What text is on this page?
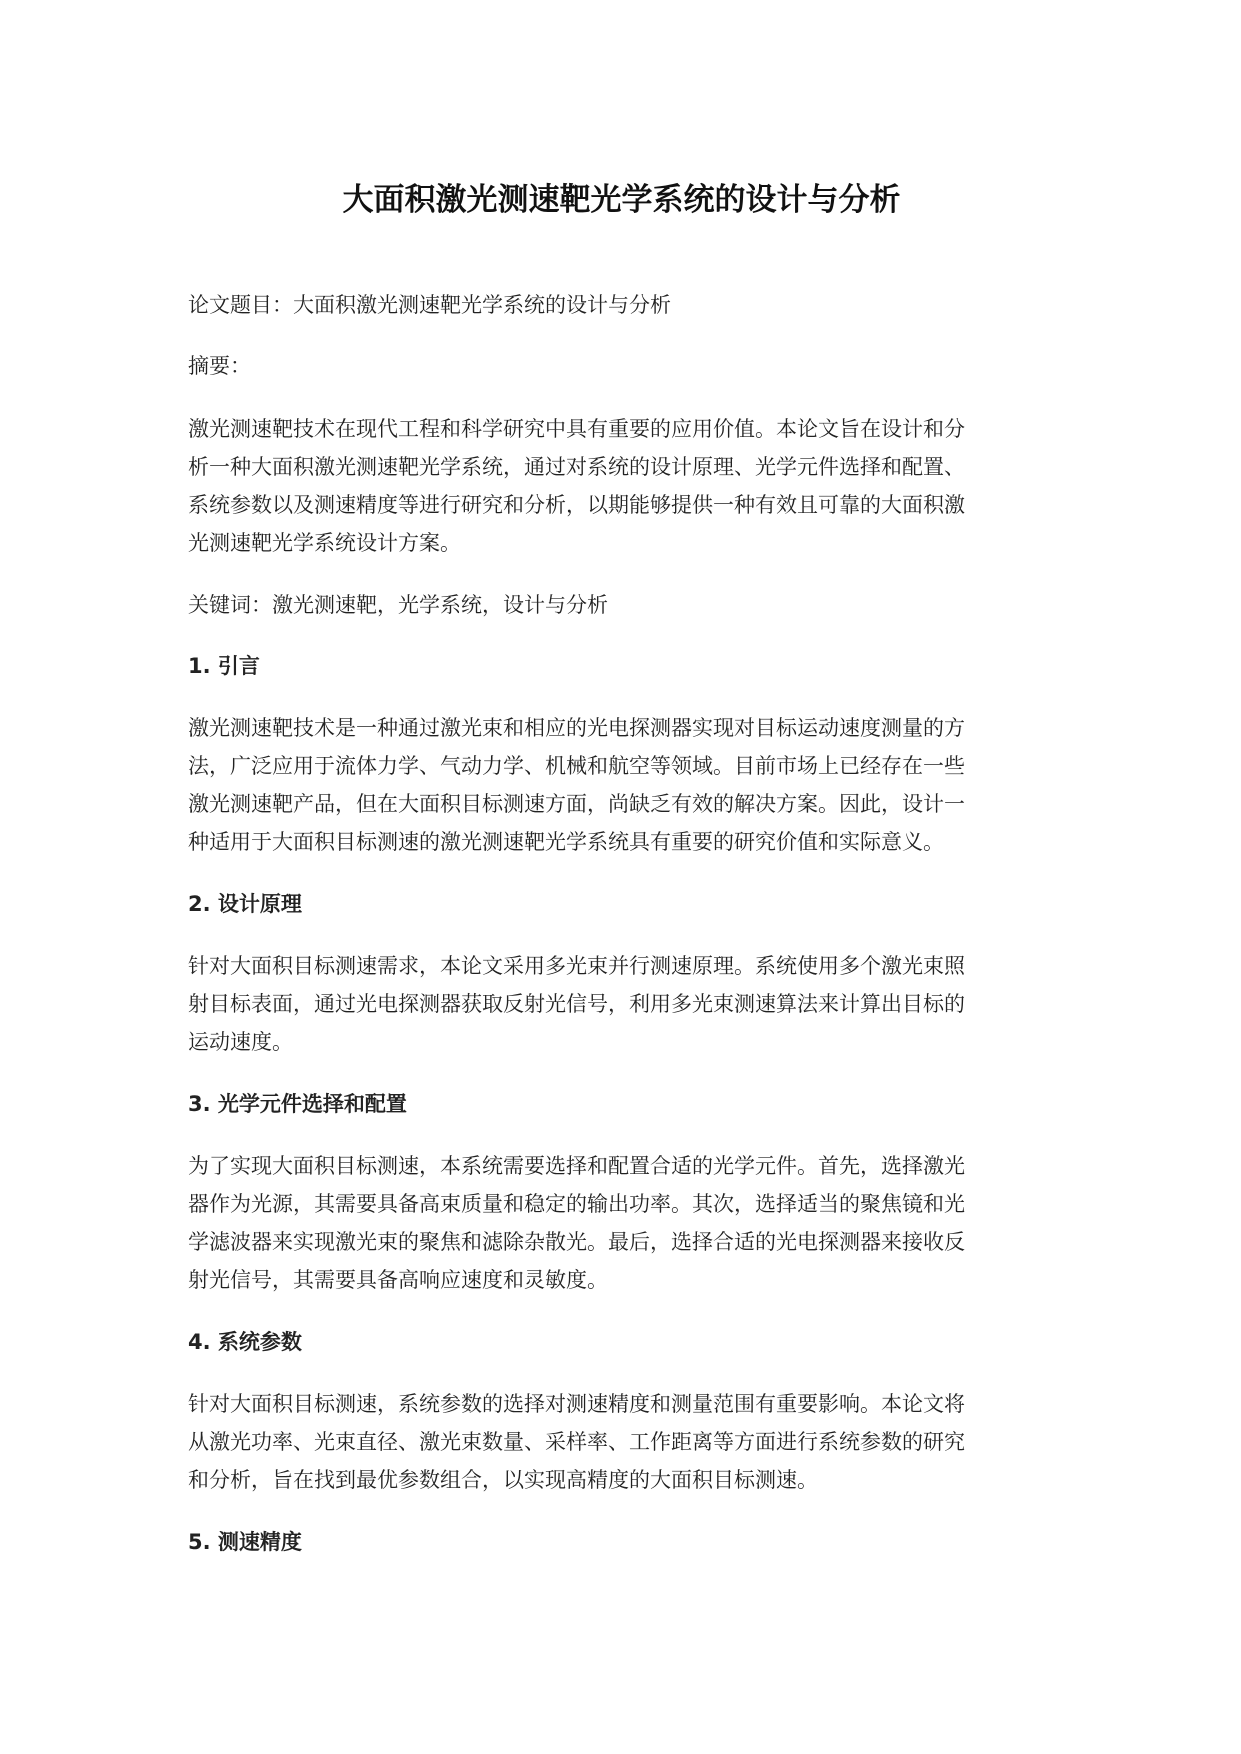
大面积激光测速靶光学系统的设计与分析

论文题目：大面积激光测速靶光学系统的设计与分析

摘要：

激光测速靶技术在现代工程和科学研究中具有重要的应用价值。本论文旨在设计和分
析一种大面积激光测速靶光学系统，通过对系统的设计原理、光学元件选择和配置、
系统参数以及测速精度等进行研究和分析，以期能够提供一种有效且可靠的大面积激
光测速靶光学系统设计方案。

关键词：激光测速靶，光学系统，设计与分析

1. 引言

激光测速靶技术是一种通过激光束和相应的光电探测器实现对目标运动速度测量的方
法，广泛应用于流体力学、气动力学、机械和航空等领域。目前市场上已经存在一些
激光测速靶产品，但在大面积目标测速方面，尚缺乏有效的解决方案。因此，设计一
种适用于大面积目标测速的激光测速靶光学系统具有重要的研究价值和实际意义。

2. 设计原理

针对大面积目标测速需求，本论文采用多光束并行测速原理。系统使用多个激光束照
射目标表面，通过光电探测器获取反射光信号，利用多光束测速算法来计算出目标的
运动速度。

3. 光学元件选择和配置

为了实现大面积目标测速，本系统需要选择和配置合适的光学元件。首先，选择激光
器作为光源，其需要具备高束质量和稳定的输出功率。其次，选择适当的聚焦镜和光
学滤波器来实现激光束的聚焦和滤除杂散光。最后，选择合适的光电探测器来接收反
射光信号，其需要具备高响应速度和灵敏度。

4. 系统参数

针对大面积目标测速，系统参数的选择对测速精度和测量范围有重要影响。本论文将
从激光功率、光束直径、激光束数量、采样率、工作距离等方面进行系统参数的研究
和分析，旨在找到最优参数组合，以实现高精度的大面积目标测速。

5. 测速精度
